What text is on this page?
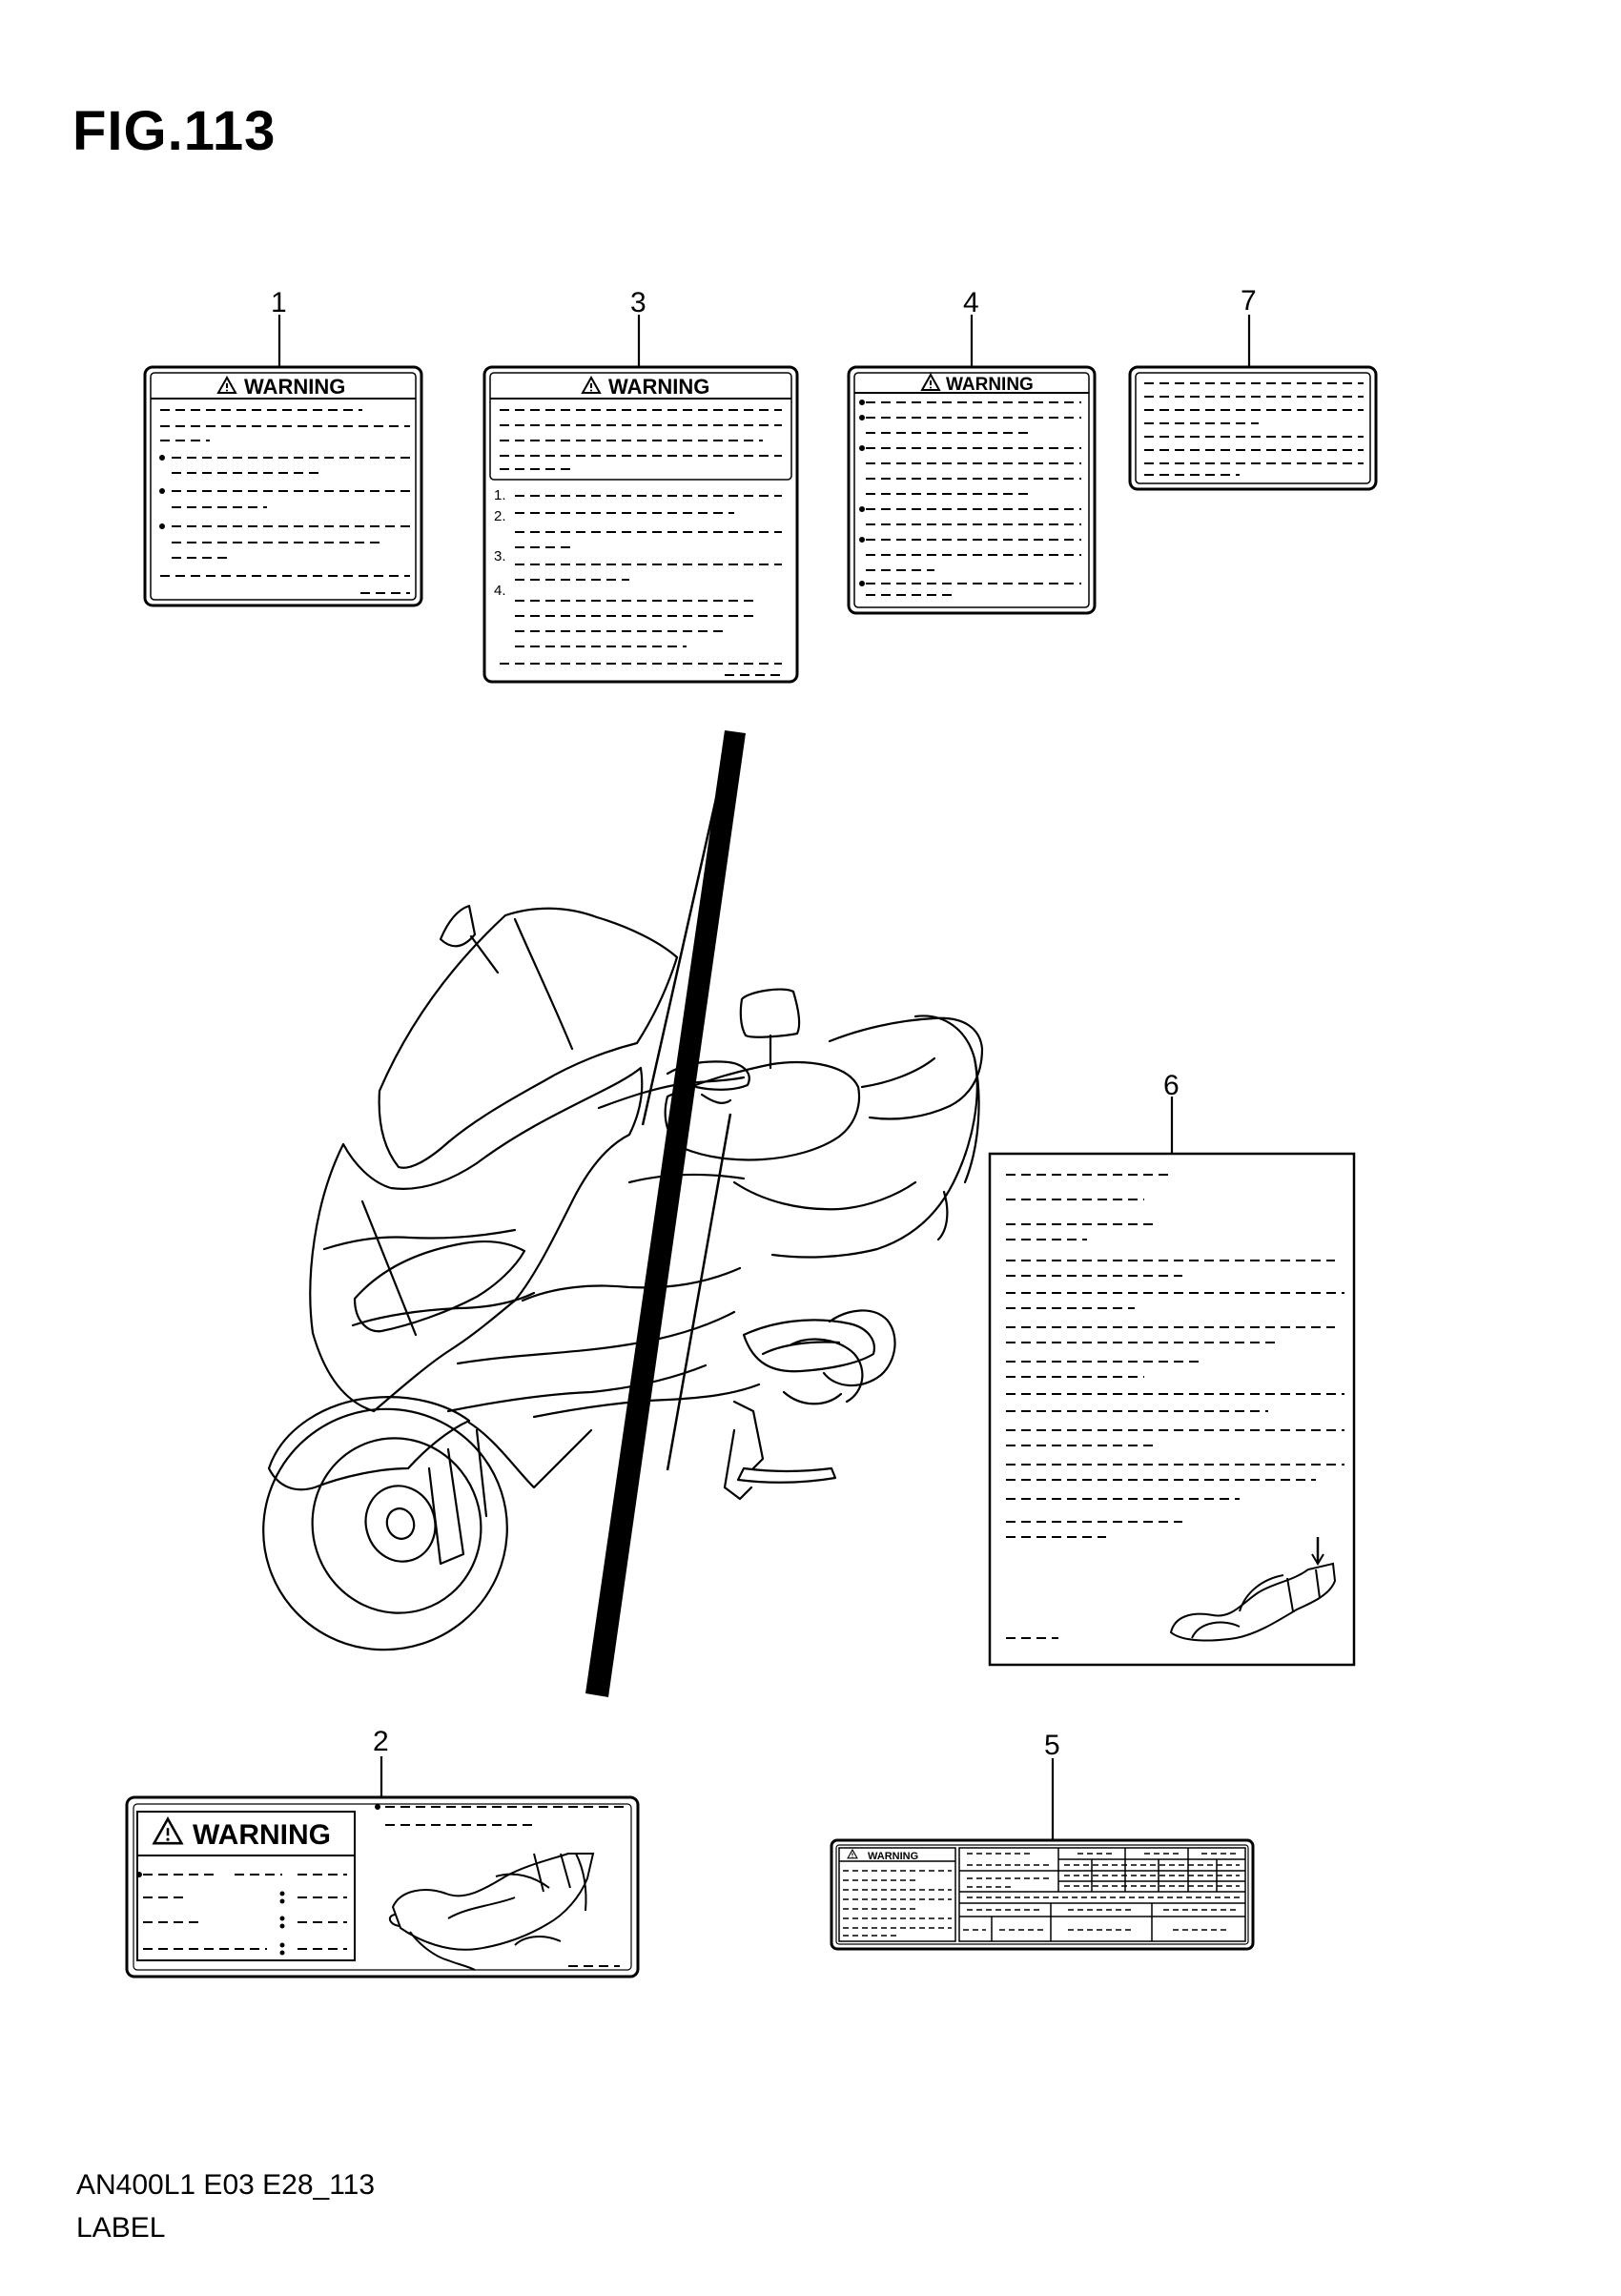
FIG.113
WARNING	WARNING
1.
2.
3.
4.
WARNING
WARNING
WARNING
1	3	4	7
6
2	5
AN400L1 E03 E28_113
LABEL
